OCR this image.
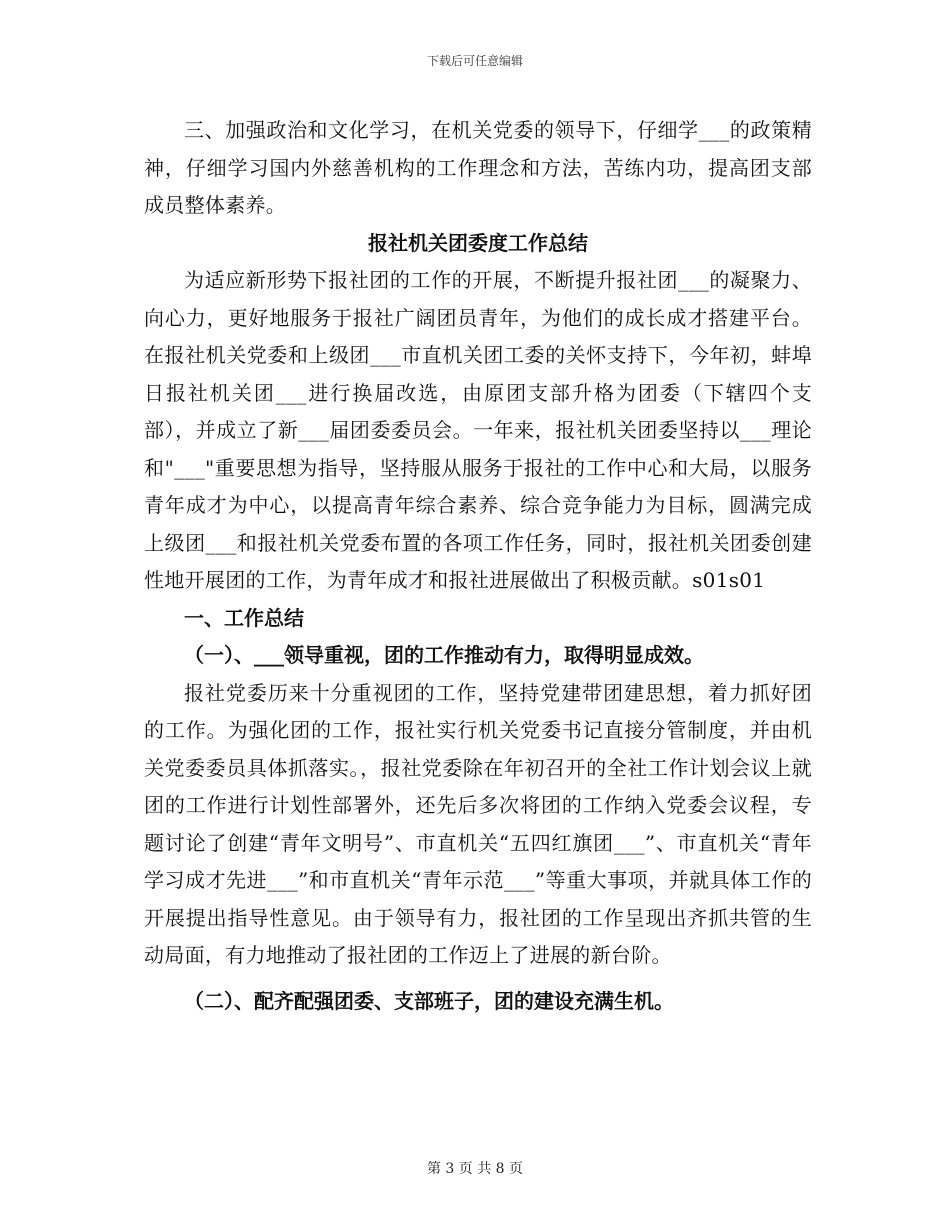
下载后可任意编辑

三、加强政治和文化学习，在机关党委的领导下，仔细学___的政策精神，仔细学习国内外慈善机构的工作理念和方法，苦练内功，提高团支部成员整体素养。

报社机关团委度工作总结

为适应新形势下报社团的工作的开展，不断提升报社团___的凝聚力、向心力，更好地服务于报社广阔团员青年，为他们的成长成才搭建平台。在报社机关党委和上级团___市直机关团工委的关怀支持下，今年初，蚌埠日报社机关团___进行换届改选，由原团支部升格为团委（下辖四个支部），并成立了新___届团委委员会。一年来，报社机关团委坚持以___理论和"___"重要思想为指导，坚持服从服务于报社的工作中心和大局，以服务青年成才为中心，以提高青年综合素养、综合竞争能力为目标，圆满完成上级团___和报社机关党委布置的各项工作任务，同时，报社机关团委创建性地开展团的工作，为青年成才和报社进展做出了积极贡献。s01s01

一、工作总结

（一）、___领导重视，团的工作推动有力，取得明显成效。

报社党委历来十分重视团的工作，坚持党建带团建思想，着力抓好团的工作。为强化团的工作，报社实行机关党委书记直接分管制度，并由机关党委委员具体抓落实。，报社党委除在年初召开的全社工作计划会议上就团的工作进行计划性部署外，还先后多次将团的工作纳入党委会议程，专题讨论了创建“青年文明号”、市直机关“五四红旗团___”、市直机关“青年学习成才先进___”和市直机关“青年示范___”等重大事项，并就具体工作的开展提出指导性意见。由于领导有力，报社团的工作呈现出齐抓共管的生动局面，有力地推动了报社团的工作迈上了进展的新台阶。

（二）、配齐配强团委、支部班子，团的建设充满生机。

第 3 页 共 8 页
